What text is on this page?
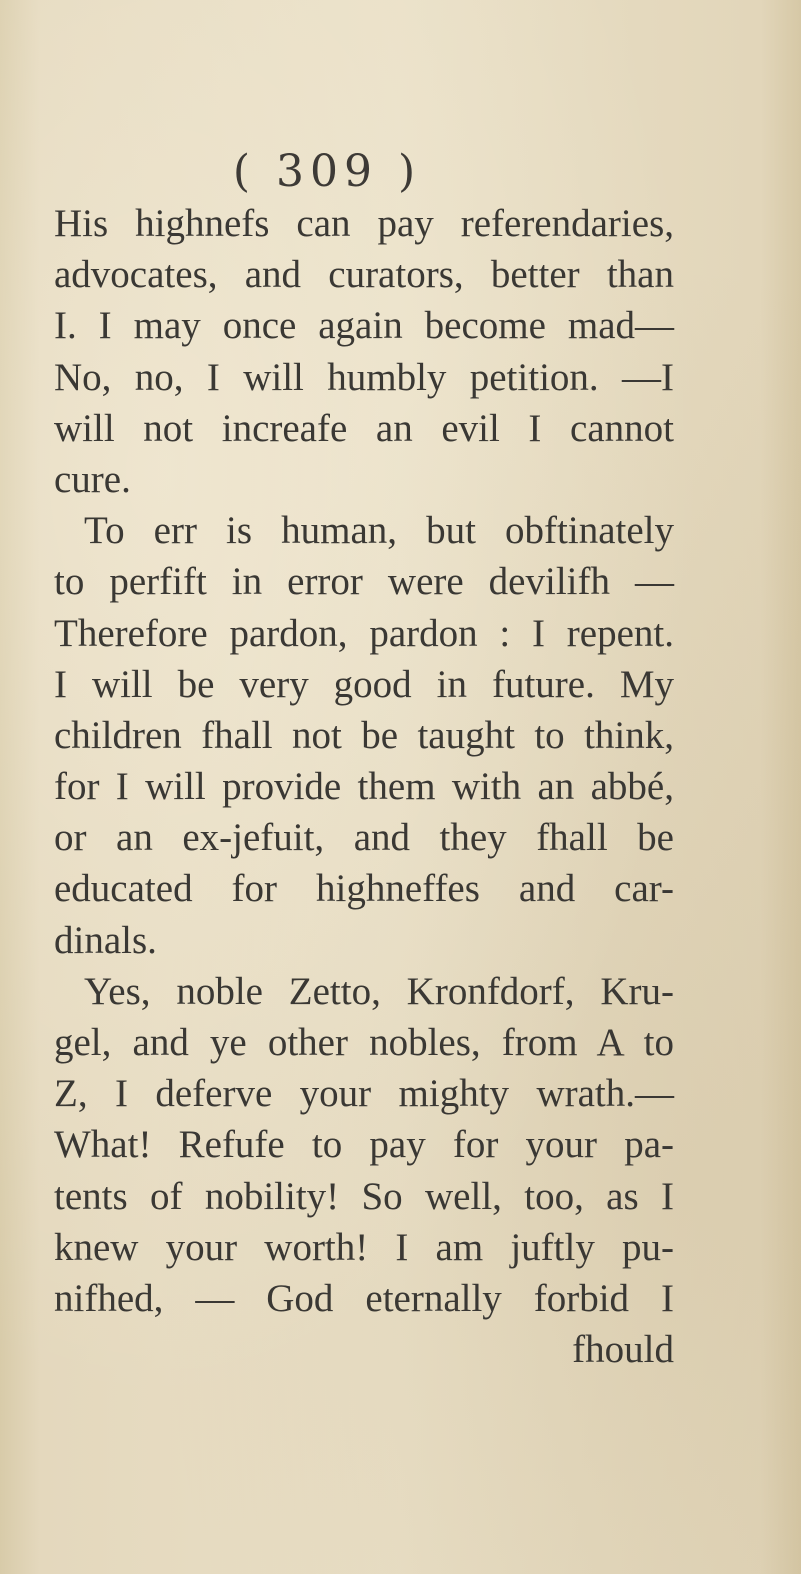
( 309 )
His highnefs can pay referendaries,
advocates, and curators, better than
I. I may once again become mad—
No, no, I will humbly petition. —I
will not increafe an evil I cannot
cure.
To err is human, but obftinately
to perfift in error were devilifh —
Therefore pardon, pardon : I repent.
I will be very good in future. My
children fhall not be taught to think,
for I will provide them with an abbé,
or an ex-jefuit, and they fhall be
educated for highneffes and car-
dinals.
Yes, noble Zetto, Kronfdorf, Kru-
gel, and ye other nobles, from A to
Z, I deferve your mighty wrath.—
What! Refufe to pay for your pa-
tents of nobility! So well, too, as I
knew your worth! I am juftly pu-
nifhed, — God eternally forbid I
fhould
